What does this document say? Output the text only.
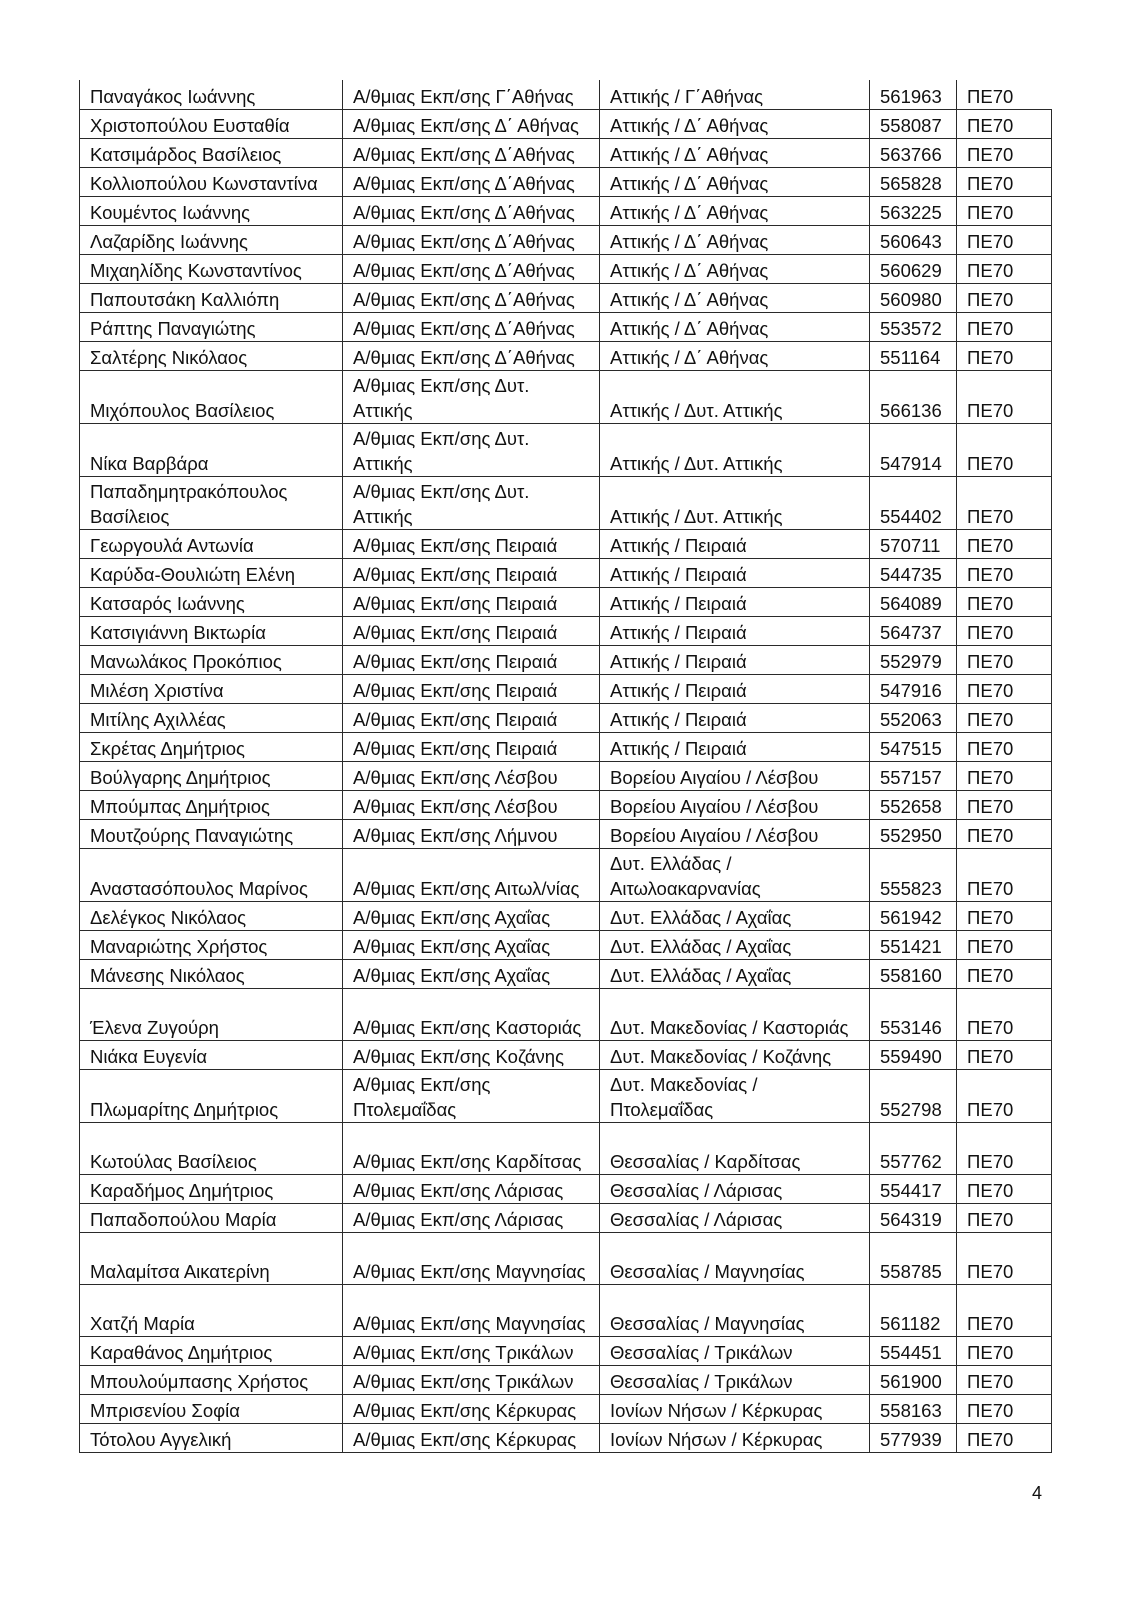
Παναγάκος Ιωάννης	Α/θμιας Εκπ/σης Γ΄Αθήνας	Αττικής / Γ΄Αθήνας	561963	ΠΕ70
Χριστοπούλου Ευσταθία	Α/θμιας Εκπ/σης Δ΄ Αθήνας	Αττικής / Δ΄ Αθήνας	558087	ΠΕ70
Κατσιμάρδος Βασίλειος	Α/θμιας Εκπ/σης Δ΄Αθήνας	Αττικής / Δ΄ Αθήνας	563766	ΠΕ70
Κολλιοπούλου Κωνσταντίνα	Α/θμιας Εκπ/σης Δ΄Αθήνας	Αττικής / Δ΄ Αθήνας	565828	ΠΕ70
Κουμέντος Ιωάννης	Α/θμιας Εκπ/σης Δ΄Αθήνας	Αττικής / Δ΄ Αθήνας	563225	ΠΕ70
Λαζαρίδης Ιωάννης	Α/θμιας Εκπ/σης Δ΄Αθήνας	Αττικής / Δ΄ Αθήνας	560643	ΠΕ70
Μιχαηλίδης Κωνσταντίνος	Α/θμιας Εκπ/σης Δ΄Αθήνας	Αττικής / Δ΄ Αθήνας	560629	ΠΕ70
Παπουτσάκη Καλλιόπη	Α/θμιας Εκπ/σης Δ΄Αθήνας	Αττικής / Δ΄ Αθήνας	560980	ΠΕ70
Ράπτης Παναγιώτης	Α/θμιας Εκπ/σης Δ΄Αθήνας	Αττικής / Δ΄ Αθήνας	553572	ΠΕ70
Σαλτέρης Νικόλαος	Α/θμιας Εκπ/σης Δ΄Αθήνας	Αττικής / Δ΄ Αθήνας	551164	ΠΕ70
Μιχόπουλος Βασίλειος	Α/θμιας Εκπ/σης Δυτ. Αττικής	Αττικής / Δυτ. Αττικής	566136	ΠΕ70
Νίκα Βαρβάρα	Α/θμιας Εκπ/σης Δυτ. Αττικής	Αττικής / Δυτ. Αττικής	547914	ΠΕ70
Παπαδημητρακόπουλος Βασίλειος	Α/θμιας Εκπ/σης Δυτ. Αττικής	Αττικής / Δυτ. Αττικής	554402	ΠΕ70
Γεωργουλά Αντωνία	Α/θμιας Εκπ/σης Πειραιά	Αττικής / Πειραιά	570711	ΠΕ70
Καρύδα-Θουλιώτη Ελένη	Α/θμιας Εκπ/σης Πειραιά	Αττικής / Πειραιά	544735	ΠΕ70
Κατσαρός Ιωάννης	Α/θμιας Εκπ/σης Πειραιά	Αττικής / Πειραιά	564089	ΠΕ70
Κατσιγιάννη Βικτωρία	Α/θμιας Εκπ/σης Πειραιά	Αττικής / Πειραιά	564737	ΠΕ70
Μανωλάκος Προκόπιος	Α/θμιας Εκπ/σης Πειραιά	Αττικής / Πειραιά	552979	ΠΕ70
Μιλέση Χριστίνα	Α/θμιας Εκπ/σης Πειραιά	Αττικής / Πειραιά	547916	ΠΕ70
Μιτίλης Αχιλλέας	Α/θμιας Εκπ/σης Πειραιά	Αττικής / Πειραιά	552063	ΠΕ70
Σκρέτας Δημήτριος	Α/θμιας Εκπ/σης Πειραιά	Αττικής / Πειραιά	547515	ΠΕ70
Βούλγαρης Δημήτριος	Α/θμιας Εκπ/σης Λέσβου	Βορείου Αιγαίου / Λέσβου	557157	ΠΕ70
Μπούμπας Δημήτριος	Α/θμιας Εκπ/σης Λέσβου	Βορείου Αιγαίου / Λέσβου	552658	ΠΕ70
Μουτζούρης Παναγιώτης	Α/θμιας Εκπ/σης Λήμνου	Βορείου Αιγαίου / Λέσβου	552950	ΠΕ70
Αναστασόπουλος Μαρίνος	Α/θμιας Εκπ/σης Αιτωλ/νίας	Δυτ. Ελλάδας / Αιτωλοακαρνανίας	555823	ΠΕ70
Δελέγκος Νικόλαος	Α/θμιας Εκπ/σης Αχαΐας	Δυτ. Ελλάδας / Αχαΐας	561942	ΠΕ70
Μαναριώτης Χρήστος	Α/θμιας Εκπ/σης Αχαΐας	Δυτ. Ελλάδας / Αχαΐας	551421	ΠΕ70
Μάνεσης Νικόλαος	Α/θμιας Εκπ/σης Αχαΐας	Δυτ. Ελλάδας / Αχαΐας	558160	ΠΕ70
Έλενα Ζυγούρη	Α/θμιας Εκπ/σης Καστοριάς	Δυτ. Μακεδονίας / Καστοριάς	553146	ΠΕ70
Νιάκα Ευγενία	Α/θμιας Εκπ/σης Κοζάνης	Δυτ. Μακεδονίας / Κοζάνης	559490	ΠΕ70
Πλωμαρίτης Δημήτριος	Α/θμιας Εκπ/σης Πτολεμαΐδας	Δυτ. Μακεδονίας / Πτολεμαΐδας	552798	ΠΕ70
Κωτούλας Βασίλειος	Α/θμιας Εκπ/σης Καρδίτσας	Θεσσαλίας / Καρδίτσας	557762	ΠΕ70
Καραδήμος Δημήτριος	Α/θμιας Εκπ/σης Λάρισας	Θεσσαλίας / Λάρισας	554417	ΠΕ70
Παπαδοπούλου Μαρία	Α/θμιας Εκπ/σης Λάρισας	Θεσσαλίας / Λάρισας	564319	ΠΕ70
Μαλαμίτσα Αικατερίνη	Α/θμιας Εκπ/σης Μαγνησίας	Θεσσαλίας / Μαγνησίας	558785	ΠΕ70
Χατζή Μαρία	Α/θμιας Εκπ/σης Μαγνησίας	Θεσσαλίας / Μαγνησίας	561182	ΠΕ70
Καραθάνος Δημήτριος	Α/θμιας Εκπ/σης Τρικάλων	Θεσσαλίας / Τρικάλων	554451	ΠΕ70
Μπουλούμπασης Χρήστος	Α/θμιας Εκπ/σης Τρικάλων	Θεσσαλίας / Τρικάλων	561900	ΠΕ70
Μπρισενίου Σοφία	Α/θμιας Εκπ/σης Κέρκυρας	Ιονίων Νήσων / Κέρκυρας	558163	ΠΕ70
Τότολου Αγγελική	Α/θμιας Εκπ/σης Κέρκυρας	Ιονίων Νήσων / Κέρκυρας	577939	ΠΕ70
4
